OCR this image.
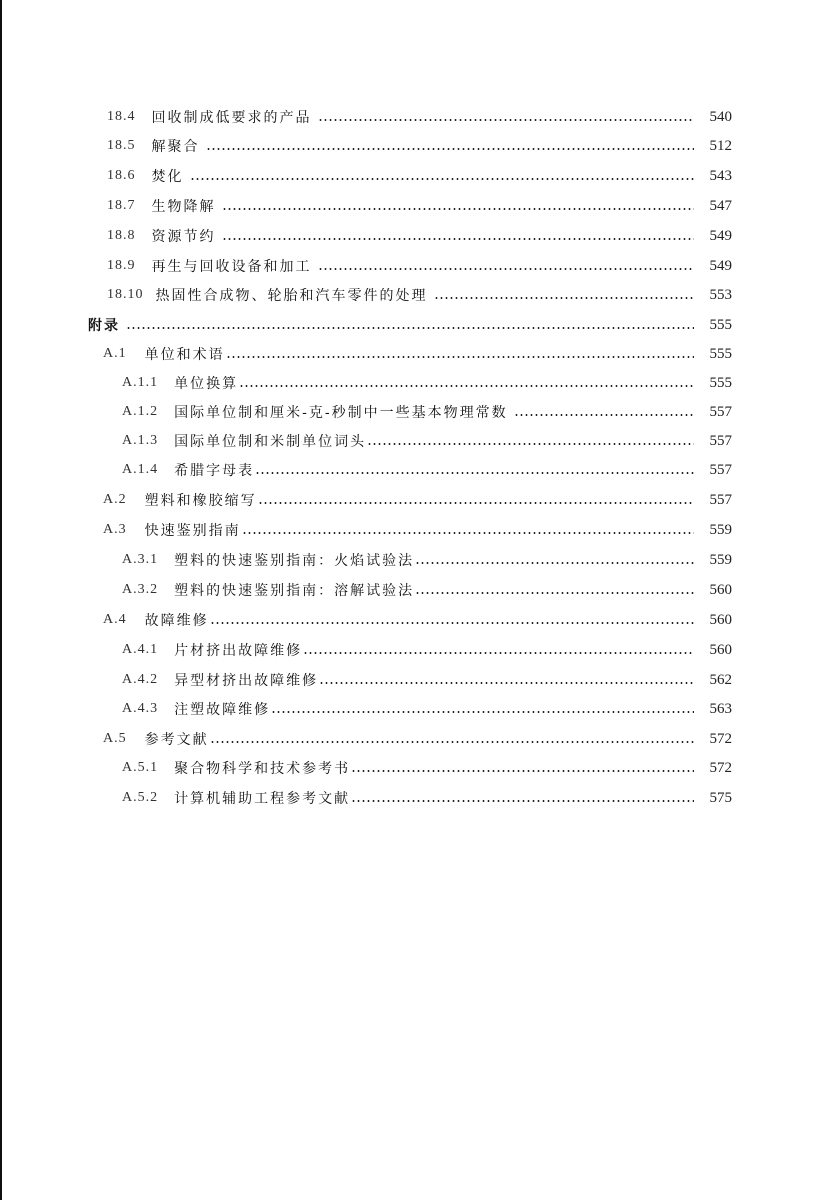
18.4 回收制成低要求的产品	540
18.5 解聚合	512
18.6 焚化	543
18.7 生物降解	547
18.8 资源节约	549
18.9 再生与回收设备和加工	549
18.10 热固性合成物、轮胎和汽车零件的处理	553
附录	555
A.1 单位和术语	555
A.1.1 单位换算	555
A.1.2 国际单位制和厘米-克-秒制中一些基本物理常数	557
A.1.3 国际单位制和米制单位词头	557
A.1.4 希腊字母表	557
A.2 塑料和橡胶缩写	557
A.3 快速鉴别指南	559
A.3.1 塑料的快速鉴别指南：火焰试验法	559
A.3.2 塑料的快速鉴别指南：溶解试验法	560
A.4 故障维修	560
A.4.1 片材挤出故障维修	560
A.4.2 异型材挤出故障维修	562
A.4.3 注塑故障维修	563
A.5 参考文献	572
A.5.1 聚合物科学和技术参考书	572
A.5.2 计算机辅助工程参考文献	575
